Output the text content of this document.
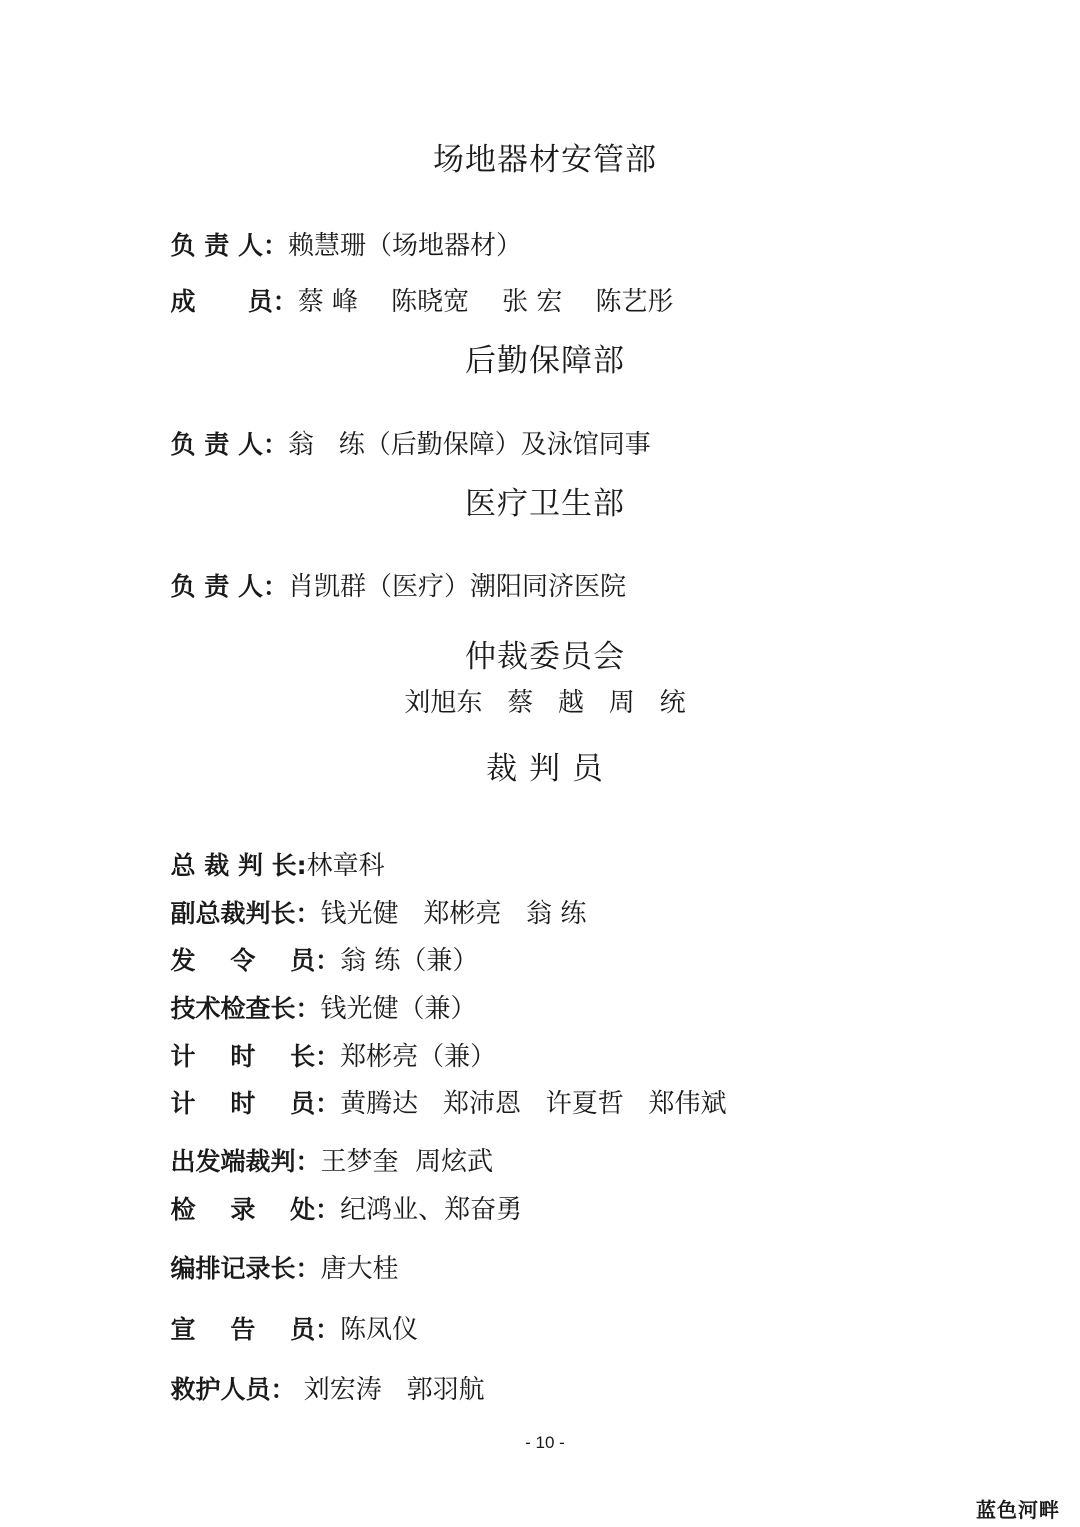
场地器材安管部

负 责 人：赖慧珊（场地器材）

成      员：蔡 峰    陈晓宽    张 宏    陈艺彤

后勤保障部

负 责 人：翁   练（后勤保障）及泳馆同事

医疗卫生部

负 责 人：肖凯群（医疗）潮阳同济医院

仲裁委员会
刘旭东   蔡   越   周   统
裁 判 员

总 裁 判 长:林章科

副总裁判长：钱光健   郑彬亮   翁 练

发    令    员：翁 练（兼）

技术检查长：钱光健（兼）

计    时    长：郑彬亮（兼）

计    时    员：黄腾达   郑沛恩   许夏哲   郑伟斌

出发端裁判：王梦奎  周炫武

检    录    处：纪鸿业、郑奋勇

编排记录长：唐大桂

宣    告    员：陈凤仪

救护人员： 刘宏涛   郭羽航

- 10 -
蓝色河畔
